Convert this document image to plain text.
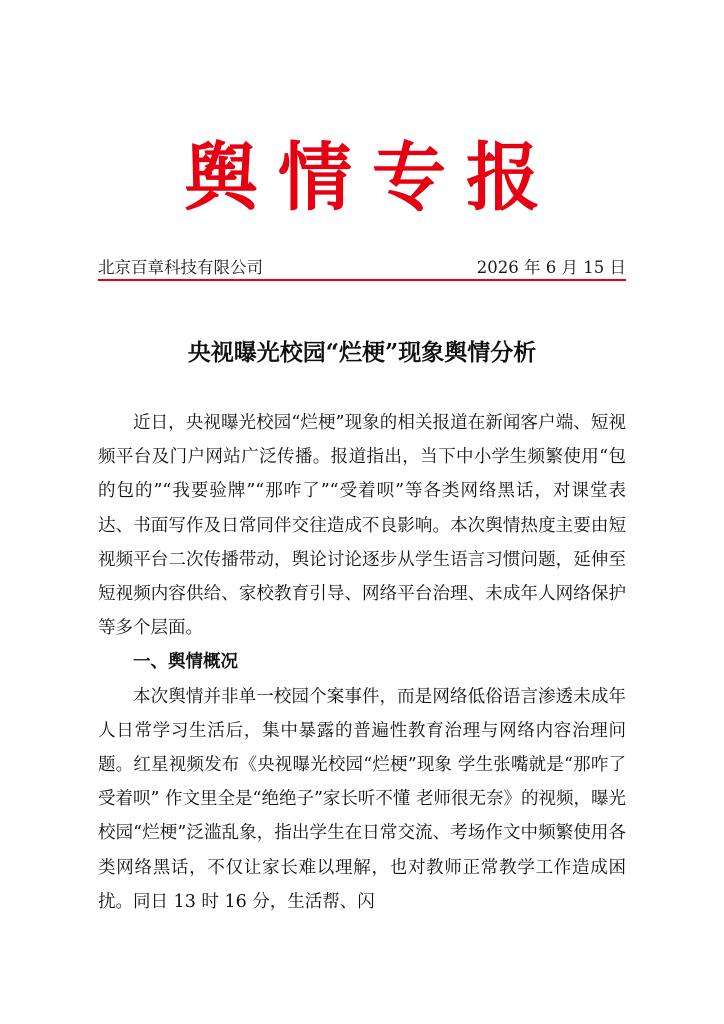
舆情专报
北京百章科技有限公司	2026 年 6 月 15 日
央视曝光校园“烂梗”现象舆情分析

近日，央视曝光校园“烂梗”现象的相关报道在新闻客户端、短视频平台及门户网站广泛传播。报道指出，当下中小学生频繁使用“包的包的”“我要验牌”“那咋了”“受着呗”等各类网络黑话，对课堂表达、书面写作及日常同伴交往造成不良影响。本次舆情热度主要由短视频平台二次传播带动，舆论讨论逐步从学生语言习惯问题，延伸至短视频内容供给、家校教育引导、网络平台治理、未成年人网络保护等多个层面。

一、舆情概况

本次舆情并非单一校园个案事件，而是网络低俗语言渗透未成年人日常学习生活后，集中暴露的普遍性教育治理与网络内容治理问题。红星视频发布《央视曝光校园“烂梗”现象 学生张嘴就是“那咋了 受着呗” 作文里全是“绝绝子”家长听不懂 老师很无奈》的视频，曝光校园“烂梗”泛滥乱象，指出学生在日常交流、考场作文中频繁使用各类网络黑话，不仅让家长难以理解，也对教师正常教学工作造成困扰。同日 13 时 16 分，生活帮、闪
